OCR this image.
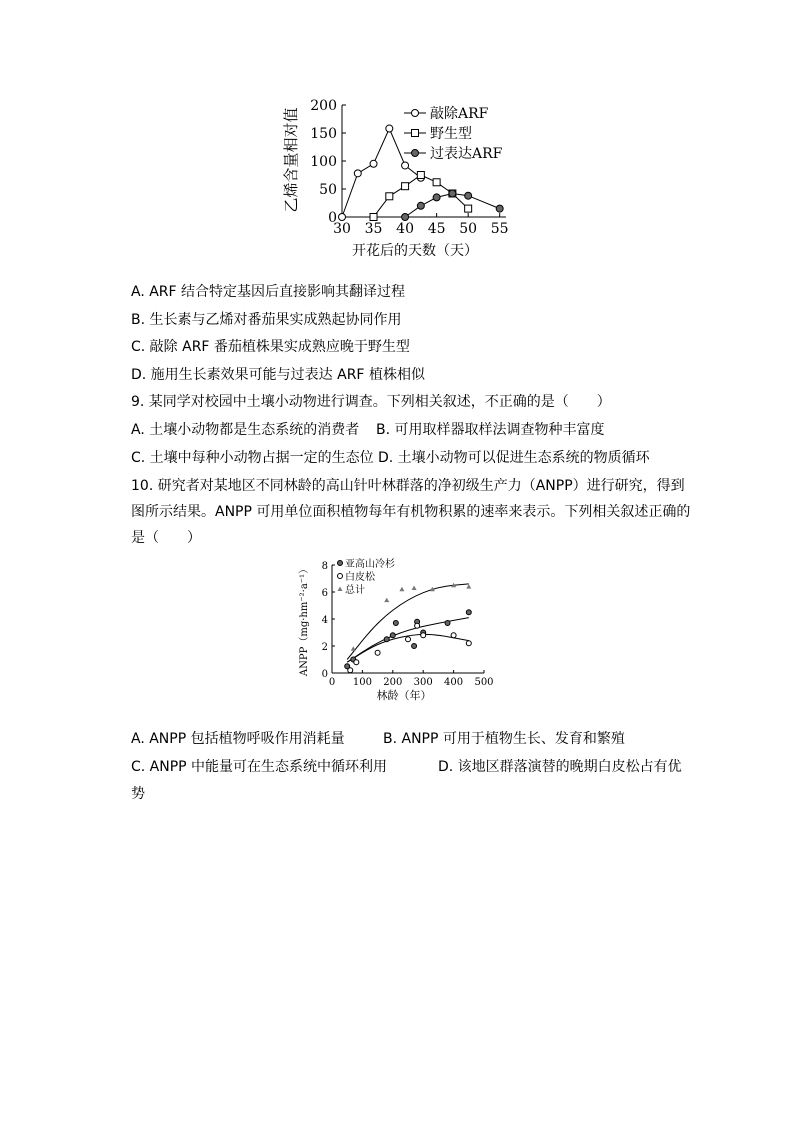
0
50
100
150
200
30 35 40 45 50 55
敲除ARF
野生型
过表达ARF
乙烯含量相对值
开花后的天数（天）
A. ARF 结合特定基因后直接影响其翻译过程
B. 生长素与乙烯对番茄果实成熟起协同作用
C. 敲除 ARF 番茄植株果实成熟应晚于野生型
D. 施用生长素效果可能与过表达 ARF 植株相似
9. 某同学对校园中土壤小动物进行调查。下列相关叙述，不正确的是（　　）
A. 土壤小动物都是生态系统的消费者 B. 可用取样器取样法调查物种丰富度
C. 土壤中每种小动物占据一定的生态位 D. 土壤小动物可以促进生态系统的物质循环
10. 研究者对某地区不同林龄的高山针叶林群落的净初级生产力（ANPP）进行研究，得到
图所示结果。ANPP 可用单位面积植物每年有机物积累的速率来表示。下列相关叙述正确的
是（　　）
0
2
4
6
8
0 100 200 300 400 500
亚高山冷杉
白皮松
总计
ANPP（mg·hm⁻²·a⁻¹）
林龄（年）
A. ANPP 包括植物呼吸作用消耗量	B. ANPP 可用于植物生长、发育和繁殖
C. ANPP 中能量可在生态系统中循环利用	D. 该地区群落演替的晚期白皮松占有优
势
